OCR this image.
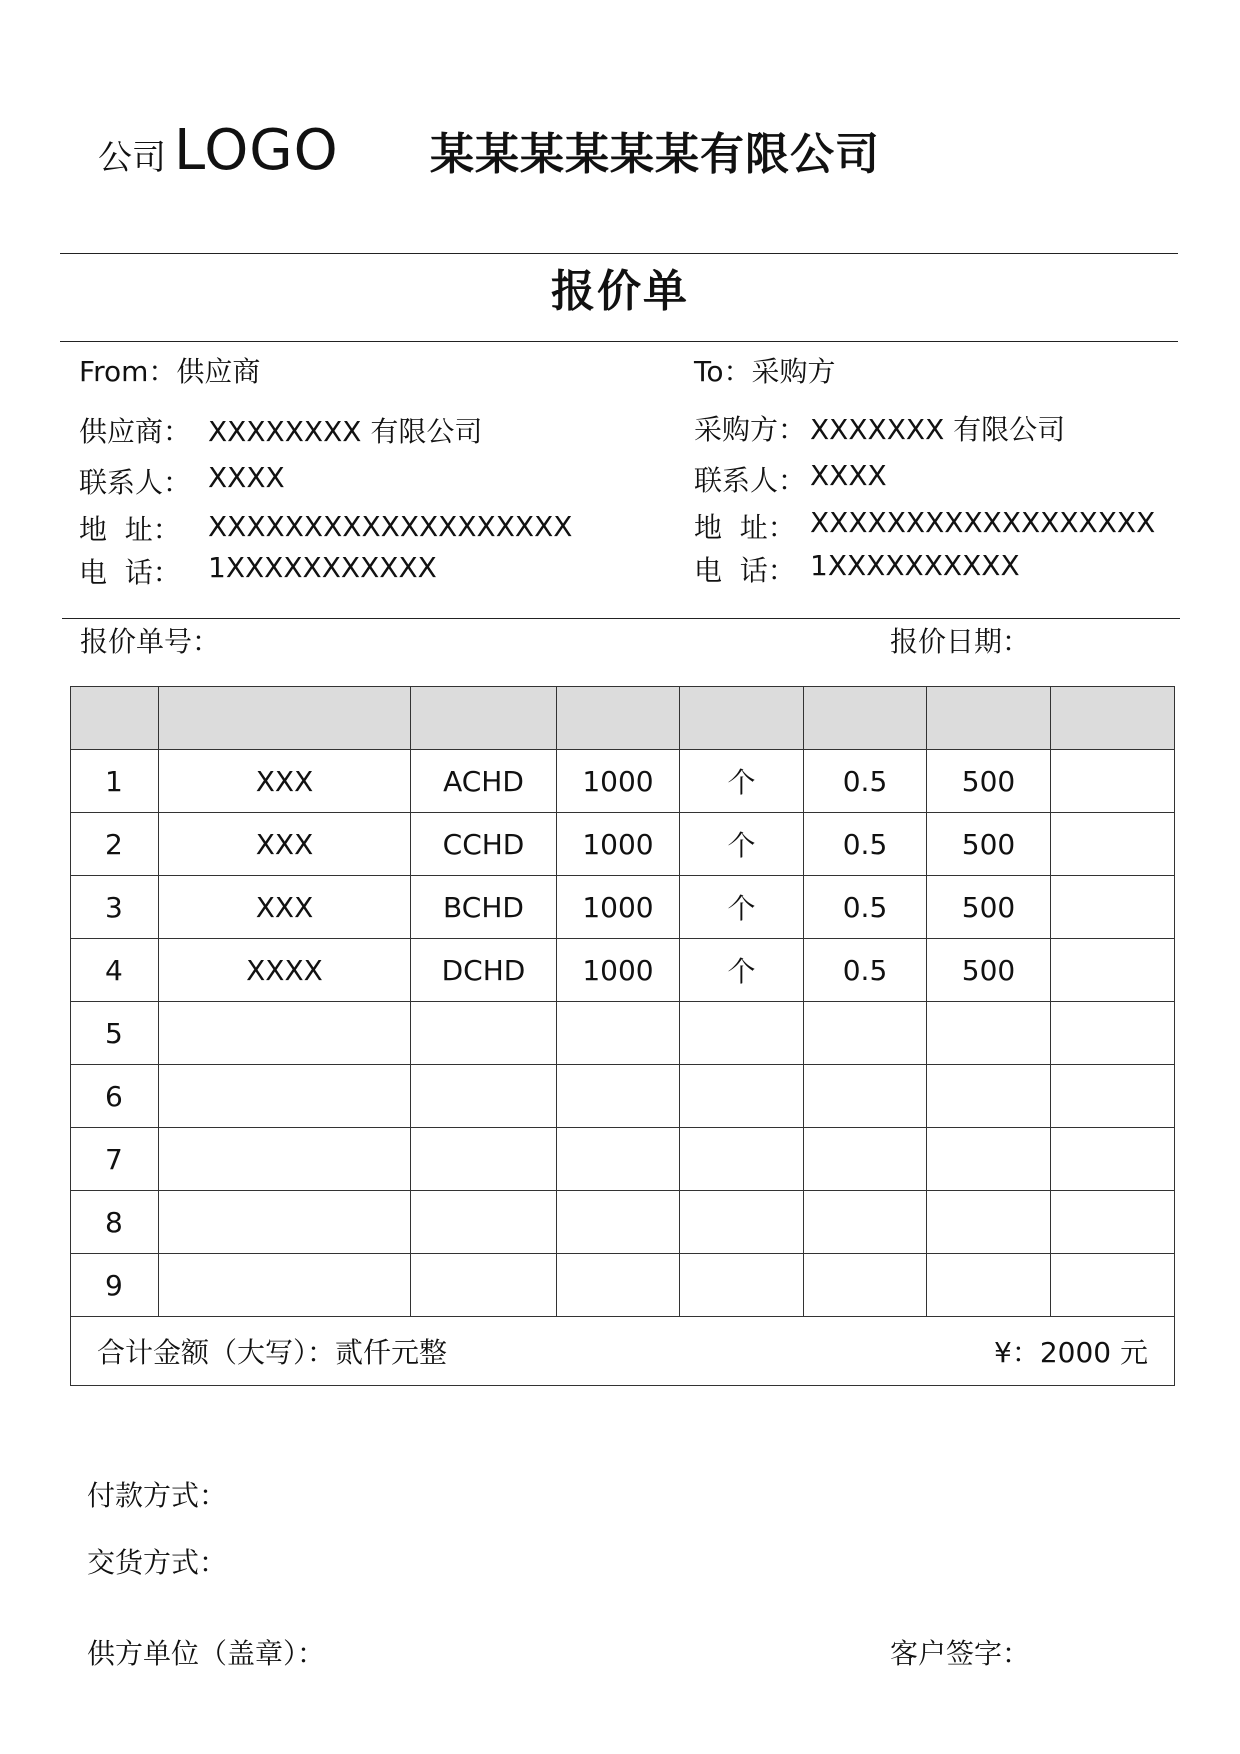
公司 LOGO 某某某某某某有限公司
报价单
From：供应商
供应商： XXXXXXXX 有限公司
联系人： XXXX
地  址： XXXXXXXXXXXXXXXXXXX
电  话： 1XXXXXXXXXXX
To：采购方
采购方： XXXXXXX 有限公司
联系人： XXXX
地  址： XXXXXXXXXXXXXXXXXX
电  话： 1XXXXXXXXXX
报价单号：	报价日期：

1	XXX	ACHD	1000	个	0.5	500	
2	XXX	CCHD	1000	个	0.5	500	
3	XXX	BCHD	1000	个	0.5	500	
4	XXXX	DCHD	1000	个	0.5	500	
5							
6							
7							
8							
9							

合计金额（大写）：贰仟元整 ¥：2000 元							
付款方式：
交货方式：
供方单位（盖章）：	客户签字：
